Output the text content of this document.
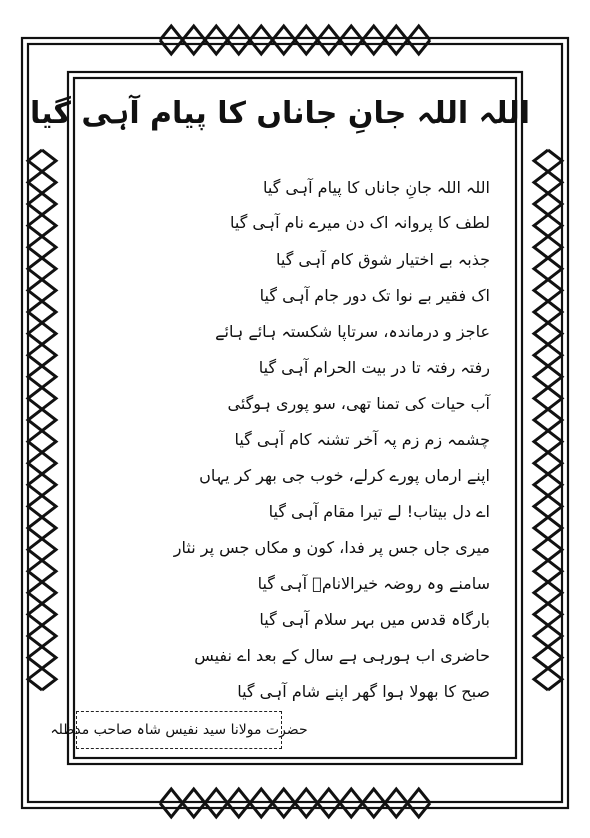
اللہ اللہ جانِ جاناں کا پیام آہی گیا
اللہ اللہ جانِ جاناں کا پیام آہی گیا
لطف کا پروانہ اک دن میرے نام آہی گیا
جذبہ بے اختیار شوق کام آہی گیا
اک فقیر بے نوا تک دور جام آہی گیا
عاجز و درماندہ، سرتاپا شکستہ ہائے ہائے
رفتہ رفتہ تا در بیت الحرام آہی گیا
آب حیات کی تمنا تھی، سو پوری ہوگئی
چشمہ زم زم پہ آخر تشنہ کام آہی گیا
اپنے ارماں پورے کرلے، خوب جی بھر کر یہاں
اے دل بیتاب! لے تیرا مقام آہی گیا
میری جاں جس پر فدا، کون و مکاں جس پر نثار
سامنے وہ روضہ خیرالانامؐ آہی گیا
بارگاہ قدس میں بہر سلام آہی گیا
حاضری اب ہورہی ہے سال کے بعد اے نفیس
صبح کا بھولا ہوا گھر اپنے شام آہی گیا
حضرت مولانا سید نفیس شاہ صاحب مدظلہ
